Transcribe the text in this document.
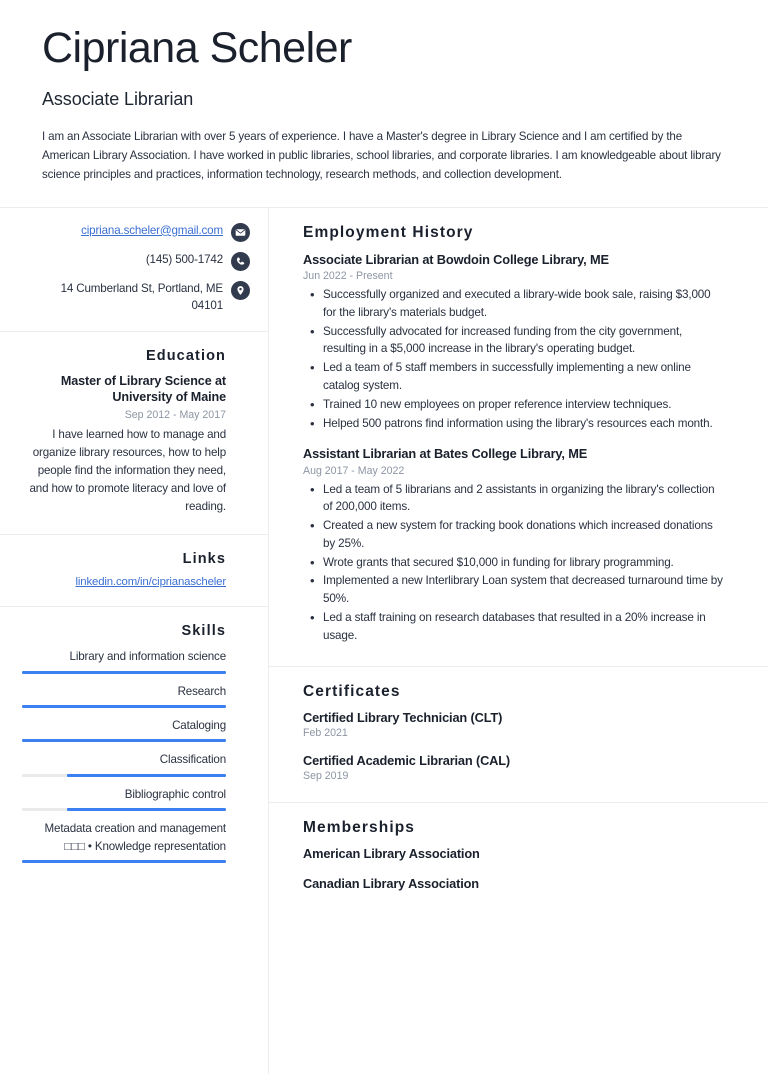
Cipriana Scheler
Associate Librarian
I am an Associate Librarian with over 5 years of experience. I have a Master's degree in Library Science and I am certified by the American Library Association. I have worked in public libraries, school libraries, and corporate libraries. I am knowledgeable about library science principles and practices, information technology, research methods, and collection development.
cipriana.scheler@gmail.com
(145) 500-1742
14 Cumberland St, Portland, ME 04101
Education
Master of Library Science at University of Maine
Sep 2012 - May 2017
I have learned how to manage and organize library resources, how to help people find the information they need, and how to promote literacy and love of reading.
Links
linkedin.com/in/ciprianascheler
Skills
Library and information science
Research
Cataloging
Classification
Bibliographic control
Metadata creation and management □□□ • Knowledge representation
Employment History
Associate Librarian at Bowdoin College Library, ME
Jun 2022 - Present
• Successfully organized and executed a library-wide book sale, raising $3,000 for the library's materials budget.
• Successfully advocated for increased funding from the city government, resulting in a $5,000 increase in the library's operating budget.
• Led a team of 5 staff members in successfully implementing a new online catalog system.
• Trained 10 new employees on proper reference interview techniques.
• Helped 500 patrons find information using the library's resources each month.
Assistant Librarian at Bates College Library, ME
Aug 2017 - May 2022
• Led a team of 5 librarians and 2 assistants in organizing the library's collection of 200,000 items.
• Created a new system for tracking book donations which increased donations by 25%.
• Wrote grants that secured $10,000 in funding for library programming.
• Implemented a new Interlibrary Loan system that decreased turnaround time by 50%.
• Led a staff training on research databases that resulted in a 20% increase in usage.
Certificates
Certified Library Technician (CLT)
Feb 2021
Certified Academic Librarian (CAL)
Sep 2019
Memberships
American Library Association
Canadian Library Association
